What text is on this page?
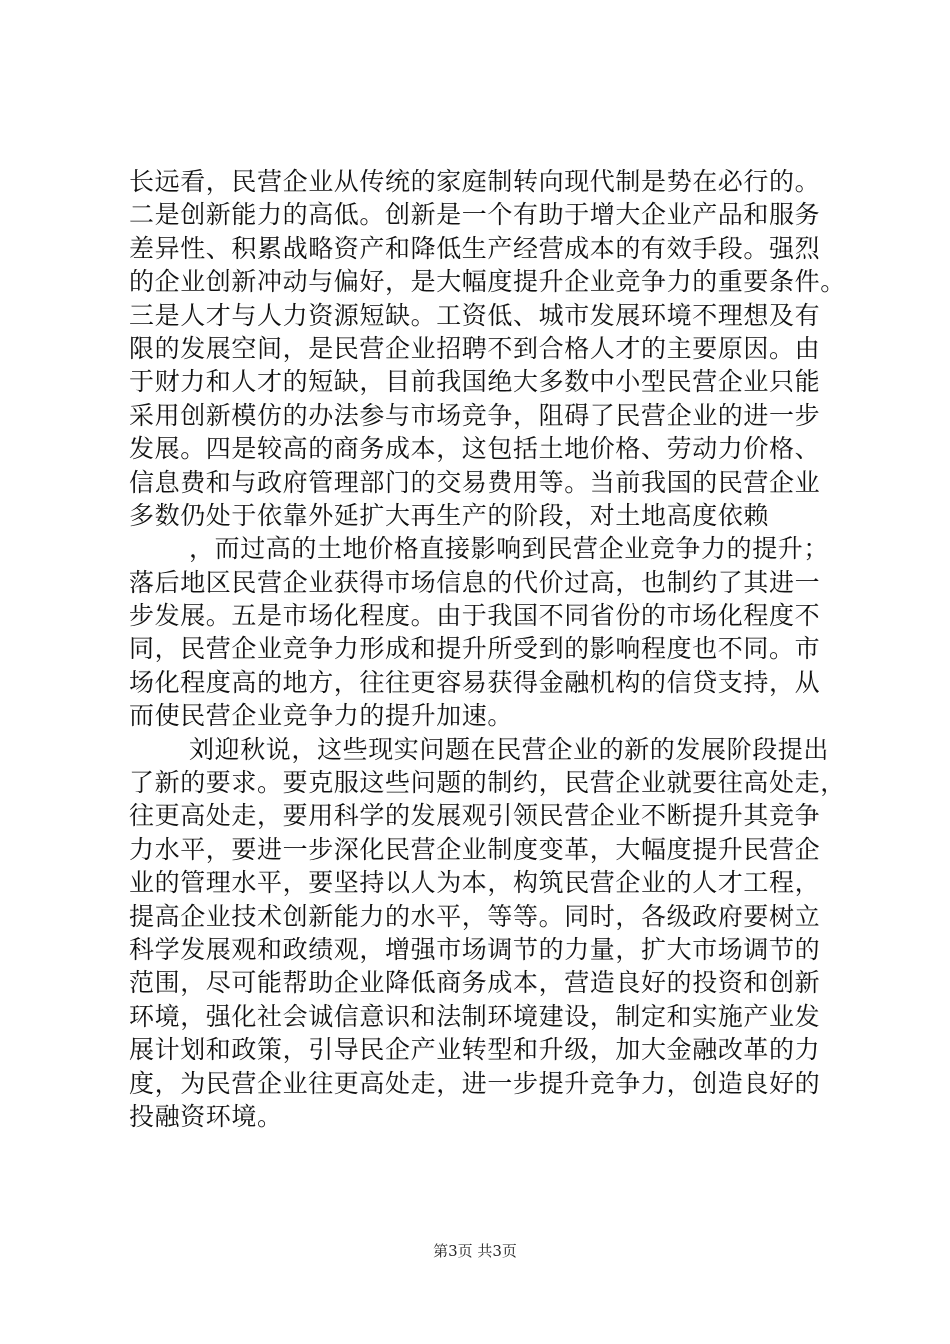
长远看，民营企业从传统的家庭制转向现代制是势在必行的。
二是创新能力的高低。创新是一个有助于增大企业产品和服务
差异性、积累战略资产和降低生产经营成本的有效手段。强烈
的企业创新冲动与偏好，是大幅度提升企业竞争力的重要条件。
三是人才与人力资源短缺。工资低、城市发展环境不理想及有
限的发展空间，是民营企业招聘不到合格人才的主要原因。由
于财力和人才的短缺，目前我国绝大多数中小型民营企业只能
采用创新模仿的办法参与市场竞争，阻碍了民营企业的进一步
发展。四是较高的商务成本，这包括土地价格、劳动力价格、
信息费和与政府管理部门的交易费用等。当前我国的民营企业
多数仍处于依靠外延扩大再生产的阶段，对土地高度依赖
，而过高的土地价格直接影响到民营企业竞争力的提升；
落后地区民营企业获得市场信息的代价过高，也制约了其进一
步发展。五是市场化程度。由于我国不同省份的市场化程度不
同，民营企业竞争力形成和提升所受到的影响程度也不同。市
场化程度高的地方，往往更容易获得金融机构的信贷支持，从
而使民营企业竞争力的提升加速。
刘迎秋说，这些现实问题在民营企业的新的发展阶段提出
了新的要求。要克服这些问题的制约，民营企业就要往高处走，
往更高处走，要用科学的发展观引领民营企业不断提升其竞争
力水平，要进一步深化民营企业制度变革，大幅度提升民营企
业的管理水平，要坚持以人为本，构筑民营企业的人才工程，
提高企业技术创新能力的水平，等等。同时，各级政府要树立
科学发展观和政绩观，增强市场调节的力量，扩大市场调节的
范围，尽可能帮助企业降低商务成本，营造良好的投资和创新
环境，强化社会诚信意识和法制环境建设，制定和实施产业发
展计划和政策，引导民企产业转型和升级，加大金融改革的力
度，为民营企业往更高处走，进一步提升竞争力，创造良好的
投融资环境。
第3页 共3页
